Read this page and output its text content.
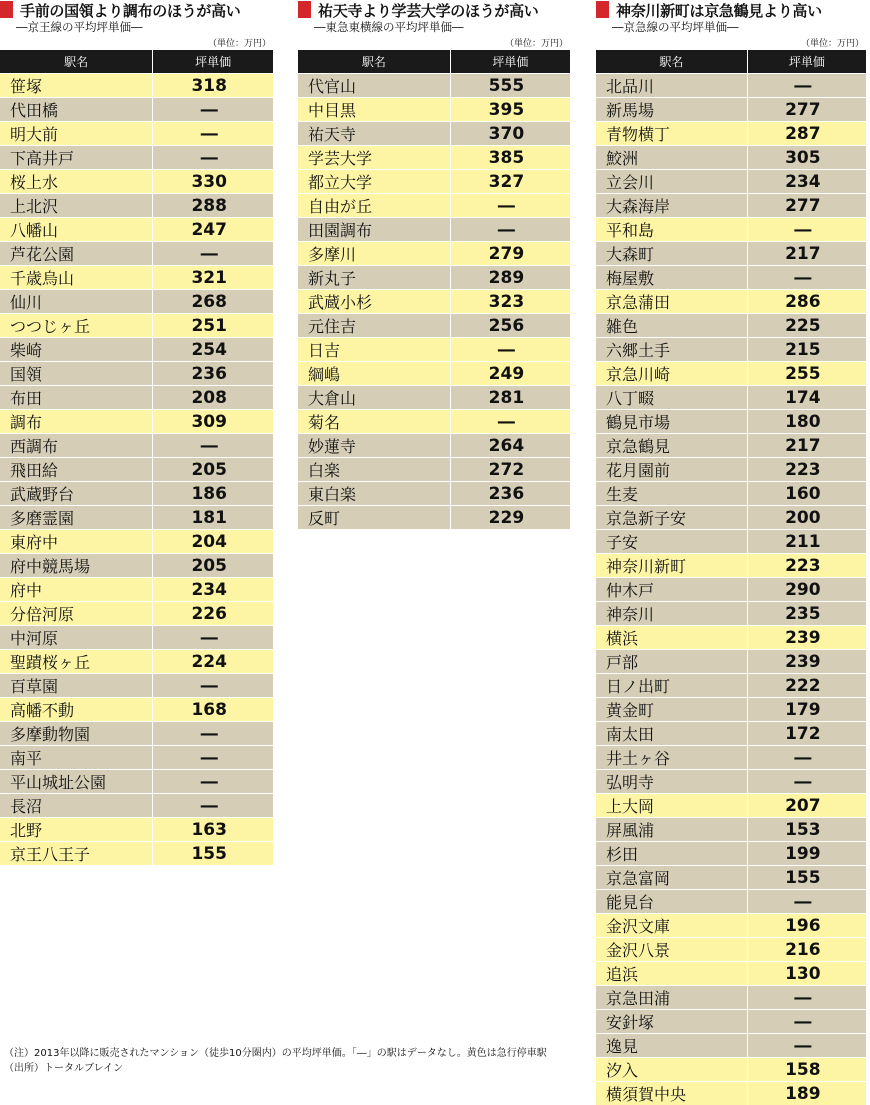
手前の国領より調布のほうが高い
―京王線の平均坪単価―
（単位：万円）
駅名	坪単価
笹塚	318
代田橋	―
明大前	―
下高井戸	―
桜上水	330
上北沢	288
八幡山	247
芦花公園	―
千歳烏山	321
仙川	268
つつじヶ丘	251
柴崎	254
国領	236
布田	208
調布	309
西調布	―
飛田給	205
武蔵野台	186
多磨霊園	181
東府中	204
府中競馬場	205
府中	234
分倍河原	226
中河原	―
聖蹟桜ヶ丘	224
百草園	―
高幡不動	168
多摩動物園	―
南平	―
平山城址公園	―
長沼	―
北野	163
京王八王子	155
祐天寺より学芸大学のほうが高い
―東急東横線の平均坪単価―
（単位：万円）
駅名	坪単価
代官山	555
中目黒	395
祐天寺	370
学芸大学	385
都立大学	327
自由が丘	―
田園調布	―
多摩川	279
新丸子	289
武蔵小杉	323
元住吉	256
日吉	―
綱嶋	249
大倉山	281
菊名	―
妙蓮寺	264
白楽	272
東白楽	236
反町	229
神奈川新町は京急鶴見より高い
―京急線の平均坪単価―
（単位：万円）
駅名	坪単価
北品川	―
新馬場	277
青物横丁	287
鮫洲	305
立会川	234
大森海岸	277
平和島	―
大森町	217
梅屋敷	―
京急蒲田	286
雑色	225
六郷土手	215
京急川崎	255
八丁畷	174
鶴見市場	180
京急鶴見	217
花月園前	223
生麦	160
京急新子安	200
子安	211
神奈川新町	223
仲木戸	290
神奈川	235
横浜	239
戸部	239
日ノ出町	222
黄金町	179
南太田	172
井土ヶ谷	―
弘明寺	―
上大岡	207
屏風浦	153
杉田	199
京急富岡	155
能見台	―
金沢文庫	196
金沢八景	216
追浜	130
京急田浦	―
安針塚	―
逸見	―
汐入	158
横須賀中央	189
（注）2013年以降に販売されたマンション（徒歩10分圏内）の平均坪単価。「―」の駅はデータなし。黄色は急行停車駅
（出所）トータルブレイン
